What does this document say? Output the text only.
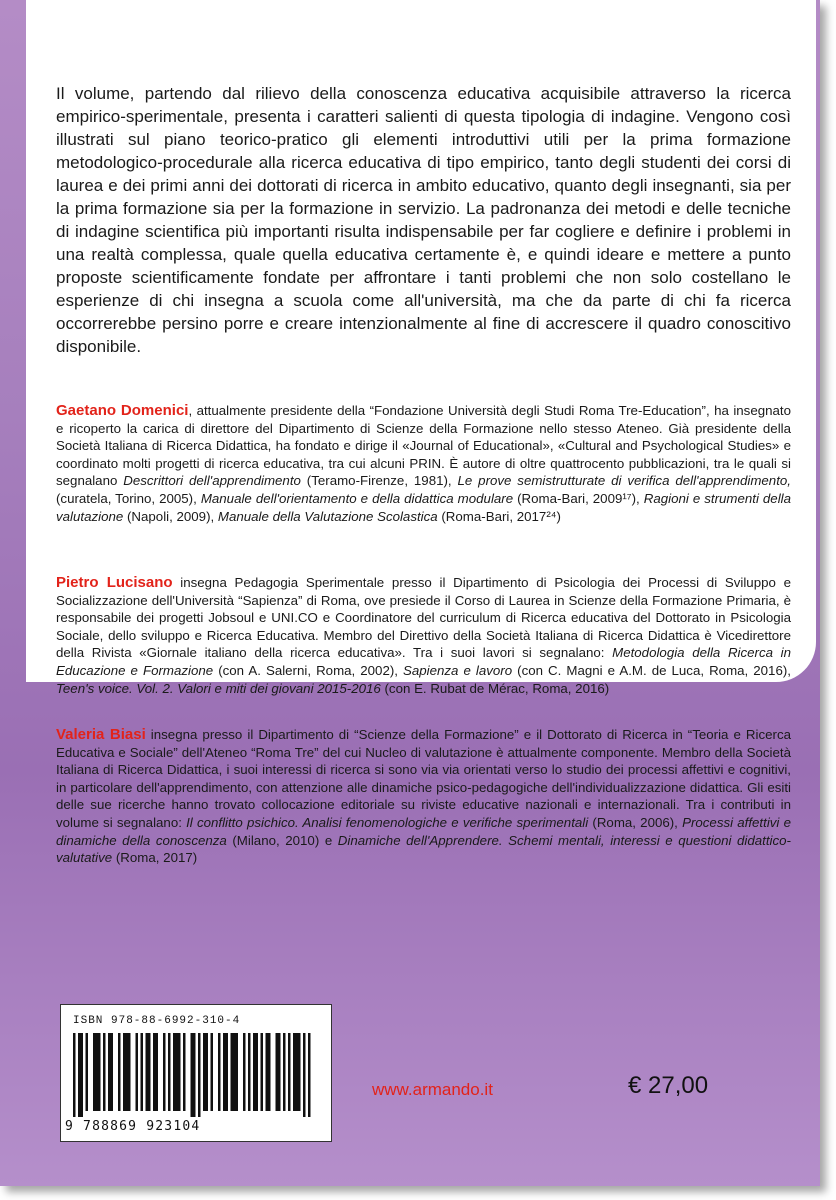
Il volume, partendo dal rilievo della conoscenza educativa acquisibile attraverso la ricerca empirico-sperimentale, presenta i caratteri salienti di questa tipologia di indagine. Vengono così illustrati sul piano teorico-pratico gli elementi introduttivi utili per la prima formazione metodologico-procedurale alla ricerca educativa di tipo empirico, tanto degli studenti dei corsi di laurea e dei primi anni dei dottorati di ricerca in ambito educativo, quanto degli insegnanti, sia per la prima formazione sia per la formazione in servizio. La padronanza dei metodi e delle tecniche di indagine scientifica più importanti risulta indispensabile per far cogliere e definire i problemi in una realtà complessa, quale quella educativa certamente è, e quindi ideare e mettere a punto proposte scientificamente fondate per affrontare i tanti problemi che non solo costellano le esperienze di chi insegna a scuola come all'università, ma che da parte di chi fa ricerca occorrerebbe persino porre e creare intenzionalmente al fine di accrescere il quadro conoscitivo disponibile.

Gaetano Domenici, attualmente presidente della “Fondazione Università degli Studi Roma Tre-Education”, ha insegnato e ricoperto la carica di direttore del Dipartimento di Scienze della Formazione nello stesso Ateneo. Già presidente della Società Italiana di Ricerca Didattica, ha fondato e dirige il «Journal of Educational», «Cultural and Psychological Studies» e coordinato molti progetti di ricerca educativa, tra cui alcuni PRIN. È autore di oltre quattrocento pubblicazioni, tra le quali si segnalano Descrittori dell'apprendimento (Teramo-Firenze, 1981), Le prove semistrutturate di verifica dell'apprendimento, (curatela, Torino, 2005), Manuale dell'orientamento e della didattica modulare (Roma-Bari, 2009¹⁷), Ragioni e strumenti della valutazione (Napoli, 2009), Manuale della Valutazione Scolastica (Roma-Bari, 2017²⁴)

Pietro Lucisano insegna Pedagogia Sperimentale presso il Dipartimento di Psicologia dei Processi di Sviluppo e Socializzazione dell'Università “Sapienza” di Roma, ove presiede il Corso di Laurea in Scienze della Formazione Primaria, è responsabile dei progetti Jobsoul e UNI.CO e Coordinatore del curriculum di Ricerca educativa del Dottorato in Psicologia Sociale, dello sviluppo e Ricerca Educativa. Membro del Direttivo della Società Italiana di Ricerca Didattica è Vicedirettore della Rivista «Giornale italiano della ricerca educativa». Tra i suoi lavori si segnalano: Metodologia della Ricerca in Educazione e Formazione (con A. Salerni, Roma, 2002), Sapienza e lavoro (con C. Magni e A.M. de Luca, Roma, 2016), Teen's voice. Vol. 2. Valori e miti dei giovani 2015-2016 (con E. Rubat de Mérac, Roma, 2016)

Valeria Biasi insegna presso il Dipartimento di “Scienze della Formazione” e il Dottorato di Ricerca in “Teoria e Ricerca Educativa e Sociale” dell'Ateneo “Roma Tre” del cui Nucleo di valutazione è attualmente componente. Membro della Società Italiana di Ricerca Didattica, i suoi interessi di ricerca si sono via via orientati verso lo studio dei processi affettivi e cognitivi, in particolare dell'apprendimento, con attenzione alle dinamiche psico-pedagogiche dell'individualizzazione didattica. Gli esiti delle sue ricerche hanno trovato collocazione editoriale su riviste educative nazionali e internazionali. Tra i contributi in volume si segnalano: Il conflitto psichico. Analisi fenomenologiche e verifiche sperimentali (Roma, 2006), Processi affettivi e dinamiche della conoscenza (Milano, 2010) e Dinamiche dell'Apprendere. Schemi mentali, interessi e questioni didattico-valutative (Roma, 2017)

ISBN 978-88-6992-310-4
9 788869 923104
www.armando.it	€ 27,00
